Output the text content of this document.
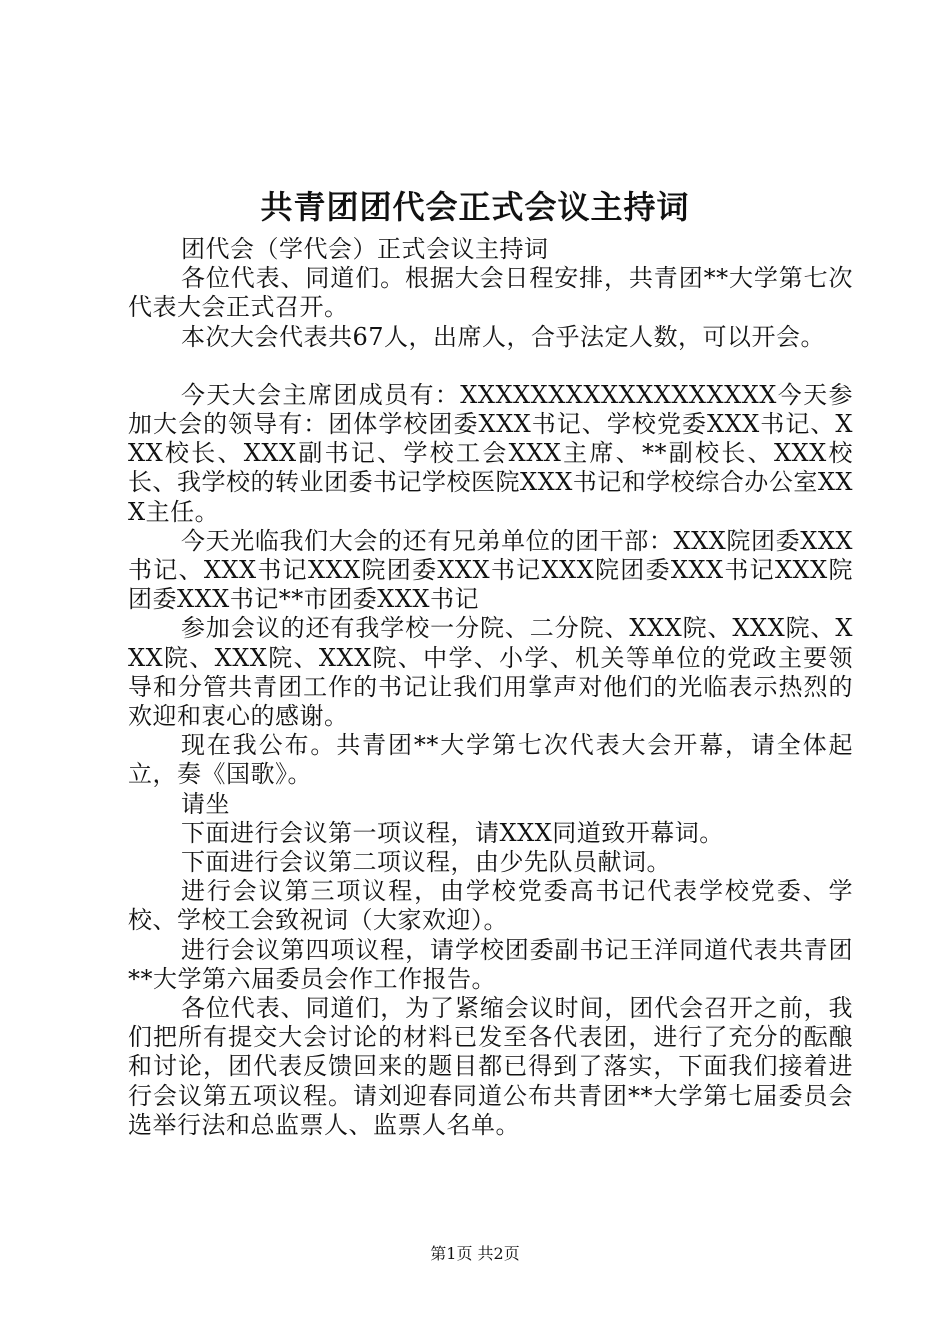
共青团团代会正式会议主持词

团代会（学代会）正式会议主持词

各位代表、同道们。根据大会日程安排，共青团**大学第七次代表大会正式召开。

本次大会代表共67人，出席人，合乎法定人数，可以开会。

今天大会主席团成员有：XXXXXXXXXXXXXXXXXX今天参加大会的领导有：团体学校团委XXX书记、学校党委XXX书记、XXX校长、XXX副书记、学校工会XXX主席、**副校长、XXX校长、我学校的转业团委书记学校医院XXX书记和学校综合办公室XXX主任。

今天光临我们大会的还有兄弟单位的团干部：XXX院团委XXX书记、XXX书记XXX院团委XXX书记XXX院团委XXX书记XXX院团委XXX书记**市团委XXX书记

参加会议的还有我学校一分院、二分院、XXX院、XXX院、XXX院、XXX院、XXX院、中学、小学、机关等单位的党政主要领导和分管共青团工作的书记让我们用掌声对他们的光临表示热烈的欢迎和衷心的感谢。

现在我公布。共青团**大学第七次代表大会开幕，请全体起立，奏《国歌》。

请坐

下面进行会议第一项议程，请XXX同道致开幕词。

下面进行会议第二项议程，由少先队员献词。

进行会议第三项议程，由学校党委高书记代表学校党委、学校、学校工会致祝词（大家欢迎）。

进行会议第四项议程，请学校团委副书记王洋同道代表共青团**大学第六届委员会作工作报告。

各位代表、同道们，为了紧缩会议时间，团代会召开之前，我们把所有提交大会讨论的材料已发至各代表团，进行了充分的酝酿和讨论，团代表反馈回来的题目都已得到了落实，下面我们接着进行会议第五项议程。请刘迎春同道公布共青团**大学第七届委员会选举行法和总监票人、监票人名单。

第1页 共2页
